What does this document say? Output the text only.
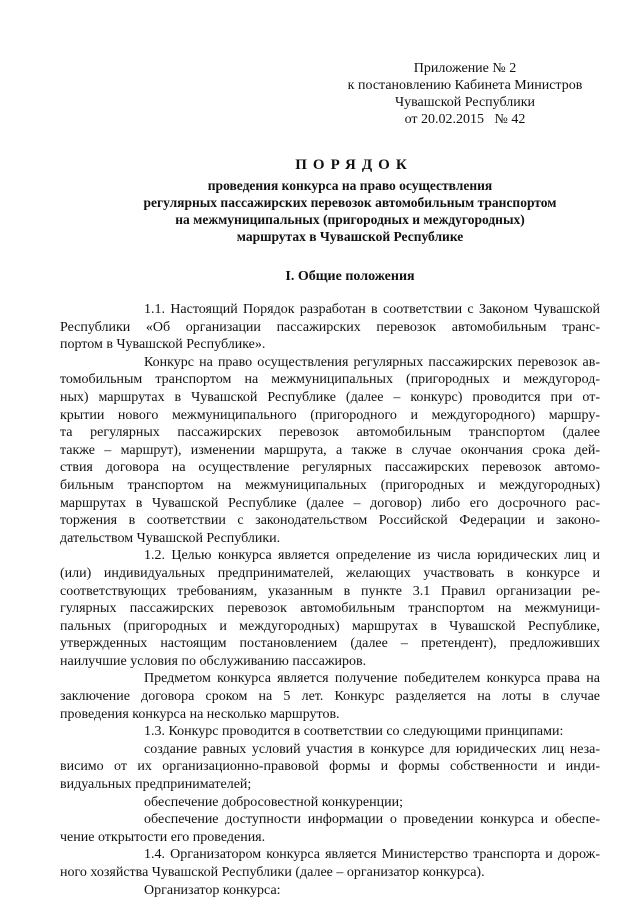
Приложение № 2
к постановлению Кабинета Министров
Чувашской Республики
от 20.02.2015   № 42
ПОРЯДОК
проведения конкурса на право осуществления
регулярных пассажирских перевозок автомобильным транспортом
на межмуниципальных (пригородных и междугородных)
маршрутах в Чувашской Республике
I. Общие положения
1.1. Настоящий Порядок разработан в соответствии с Законом Чувашской
Республики «Об организации пассажирских перевозок автомобильным транс-
портом в Чувашской Республике».
Конкурс на право осуществления регулярных пассажирских перевозок ав-
томобильным транспортом на межмуниципальных (пригородных и междугород-
ных) маршрутах в Чувашской Республике (далее – конкурс) проводится при от-
крытии нового межмуниципального (пригородного и междугородного) маршру-
та регулярных пассажирских перевозок автомобильным транспортом (далее
также – маршрут), изменении маршрута, а также в случае окончания срока дей-
ствия договора на осуществление регулярных пассажирских перевозок автомо-
бильным транспортом на межмуниципальных (пригородных и междугородных)
маршрутах в Чувашской Республике (далее – договор) либо его досрочного рас-
торжения в соответствии с законодательством Российской Федерации и законо-
дательством Чувашской Республики.
1.2. Целью конкурса является определение из числа юридических лиц и
(или) индивидуальных предпринимателей, желающих участвовать в конкурсе и
соответствующих требованиям, указанным в пункте 3.1 Правил организации ре-
гулярных пассажирских перевозок автомобильным транспортом на межмуници-
пальных (пригородных и междугородных) маршрутах в Чувашской Республике,
утвержденных настоящим постановлением (далее – претендент), предложивших
наилучшие условия по обслуживанию пассажиров.
Предметом конкурса является получение победителем конкурса права на
заключение договора сроком на 5 лет. Конкурс разделяется на лоты в случае
проведения конкурса на несколько маршрутов.
1.3. Конкурс проводится в соответствии со следующими принципами:
создание равных условий участия в конкурсе для юридических лиц неза-
висимо от их организационно-правовой формы и формы собственности и инди-
видуальных предпринимателей;
обеспечение добросовестной конкуренции;
обеспечение доступности информации о проведении конкурса и обеспе-
чение открытости его проведения.
1.4. Организатором конкурса является Министерство транспорта и дорож-
ного хозяйства Чувашской Республики (далее – организатор конкурса).
Организатор конкурса:
